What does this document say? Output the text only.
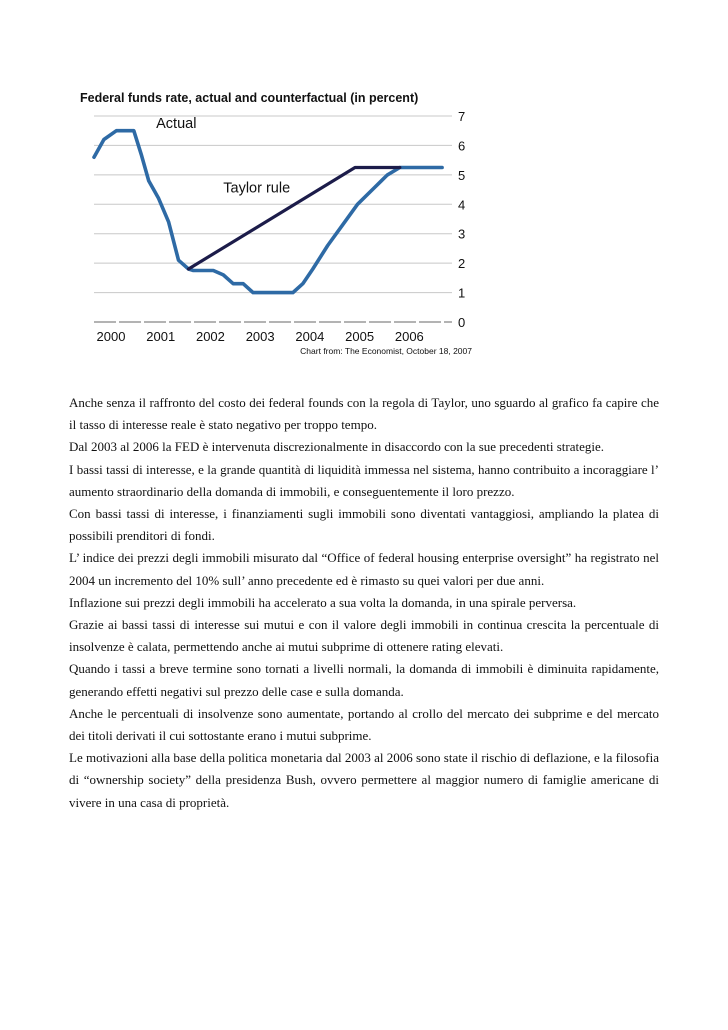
Federal funds rate, actual and counterfactual (in percent)
0
1
2
3
4
5
6
7
2000 2001 2002 2003 2004 2005 2006
Chart from: The Economist, October 18, 2007
Actual
Taylor rule

Anche senza il raffronto del costo dei federal founds con la regola di Taylor, uno sguardo al grafico fa capire che il tasso di interesse reale è stato negativo per troppo tempo.

Dal 2003 al 2006 la FED è intervenuta discrezionalmente in disaccordo con la sue precedenti strategie.

I bassi tassi di interesse, e la grande quantità di liquidità immessa nel sistema, hanno contribuito a incoraggiare l’ aumento straordinario della domanda di immobili, e conseguentemente il loro prezzo.

Con bassi tassi di interesse, i finanziamenti sugli immobili sono diventati vantaggiosi, ampliando la platea di possibili prenditori di fondi.

L’ indice dei prezzi degli immobili misurato dal “Office of federal housing enterprise oversight” ha registrato nel 2004 un incremento del 10% sull’ anno precedente ed è rimasto su quei valori per due anni.

Inflazione sui prezzi degli immobili ha accelerato a sua volta la domanda, in una spirale perversa.

Grazie ai bassi tassi di interesse sui mutui e con il valore degli immobili in continua crescita la percentuale di insolvenze è calata, permettendo anche ai mutui subprime di ottenere rating elevati.

Quando i tassi a breve termine sono tornati a livelli normali, la domanda di immobili è diminuita rapidamente, generando effetti negativi sul prezzo delle case e sulla domanda.

Anche le percentuali di insolvenze sono aumentate, portando al crollo del mercato dei subprime e del mercato dei titoli derivati il cui sottostante erano i mutui subprime.

Le motivazioni alla base della politica monetaria dal 2003 al 2006 sono state il rischio di deflazione, e la filosofia di “ownership society” della presidenza Bush, ovvero permettere al maggior numero di famiglie americane di vivere in una casa di proprietà.
